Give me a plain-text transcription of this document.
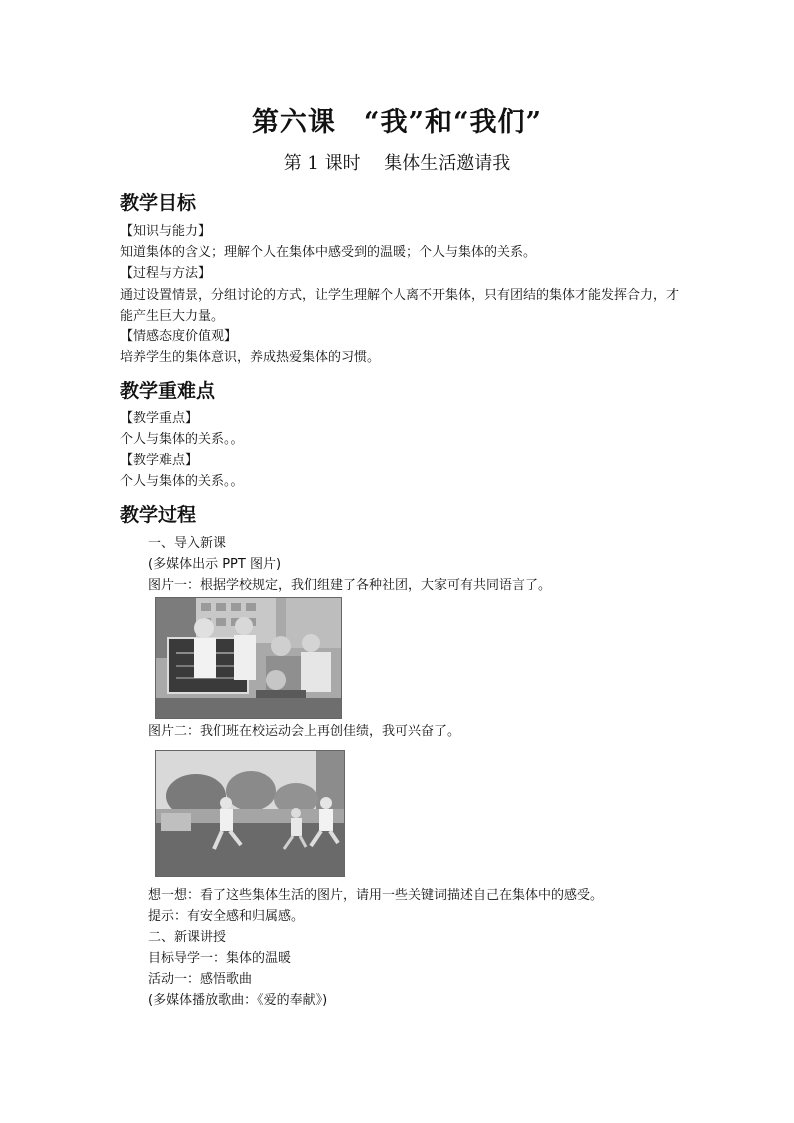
第六课　“我”和“我们”
第 1 课时　 集体生活邀请我
教学目标
【知识与能力】
知道集体的含义；理解个人在集体中感受到的温暖；个人与集体的关系。
【过程与方法】
通过设置情景，分组讨论的方式，让学生理解个人离不开集体，只有团结的集体才能发挥合力，才能产生巨大力量。
【情感态度价值观】
培养学生的集体意识，养成热爱集体的习惯。
教学重难点
【教学重点】
个人与集体的关系。。
【教学难点】
个人与集体的关系。。
教学过程
一、导入新课
(多媒体出示 PPT 图片)
图片一：根据学校规定，我们组建了各种社团，大家可有共同语言了。
图片二：我们班在校运动会上再创佳绩，我可兴奋了。
想一想：看了这些集体生活的图片，请用一些关键词描述自己在集体中的感受。
提示：有安全感和归属感。
二、新课讲授
目标导学一：集体的温暖
活动一：感悟歌曲
(多媒体播放歌曲：《爱的奉献》)
